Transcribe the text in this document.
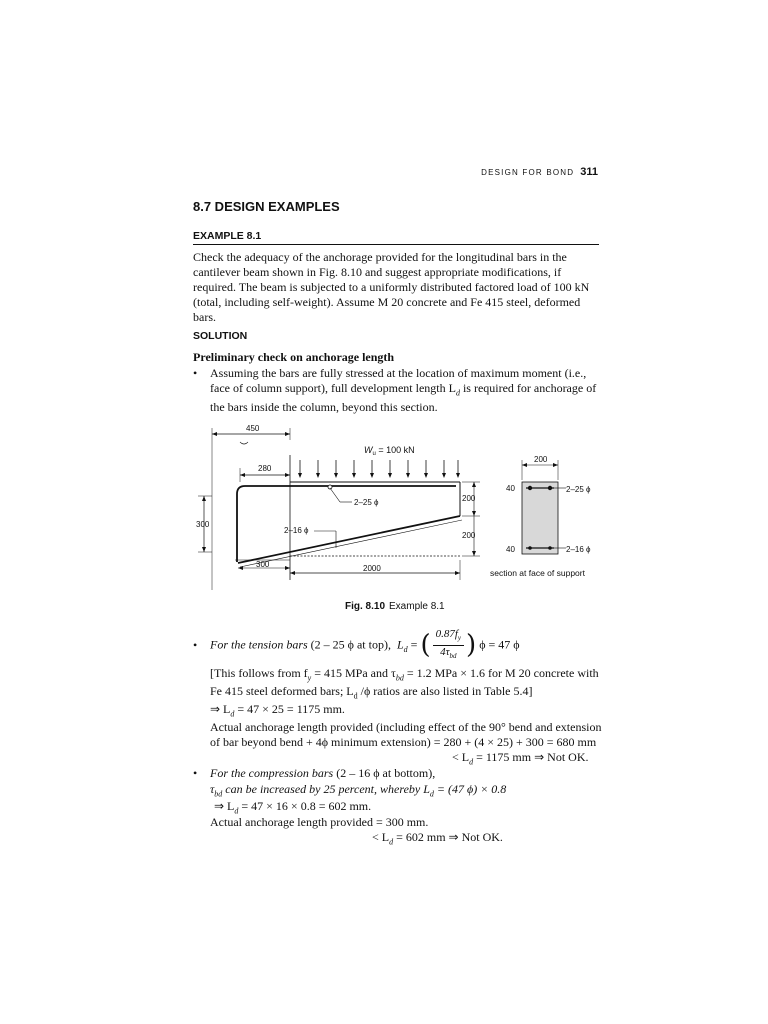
DESIGN FOR BOND 311
8.7 DESIGN EXAMPLES
EXAMPLE 8.1
Check the adequacy of the anchorage provided for the longitudinal bars in the
cantilever beam shown in Fig. 8.10 and suggest appropriate modifications, if
required. The beam is subjected to a uniformly distributed factored load of 100 kN
(total, including self-weight). Assume M 20 concrete and Fe 415 steel, deformed
bars.
SOLUTION
Preliminary check on anchorage length
• Assuming the bars are fully stressed at the location of maximum moment (i.e.,
face of column support), full development length $L_d$ is required for anchorage of
the bars inside the column, beyond this section.
450
280
$W_u = 100$ kN
2–25 ϕ
2–16 ϕ
300
300	2000
200
200
200
40
40
2–25 ϕ
2–16 ϕ
section at face of support
Fig. 8.10 Example 8.1
• For the tension bars (2 – 25 ϕ at top), $L_d$ = ( $\frac{0.87f_y}{4\tau_{bd}}$ ) ϕ = 47 ϕ
[This follows from $f_y = 415$ MPa and $\tau_{bd} = 1.2$ MPa × 1.6 for M 20 concrete with
Fe 415 steel deformed bars; $L_d$ /ϕ ratios are also listed in Table 5.4]
⇒ $L_d = 47 \times 25 = 1175$ mm.
Actual anchorage length provided (including effect of the 90° bend and extension
of bar beyond bend + 4ϕ minimum extension) = 280 + (4 × 25) + 300 = 680 mm
< $L_d = 1175$ mm ⇒ Not OK.
• For the compression bars (2 – 16 ϕ at bottom),
$\tau_{bd}$ can be increased by 25 percent, whereby $L_d = (47$ ϕ) × 0.8
⇒ $L_d = 47 \times 16 \times 0.8 = 602$ mm.
Actual anchorage length provided = 300 mm.
< $L_d = 602$ mm ⇒ Not OK.
